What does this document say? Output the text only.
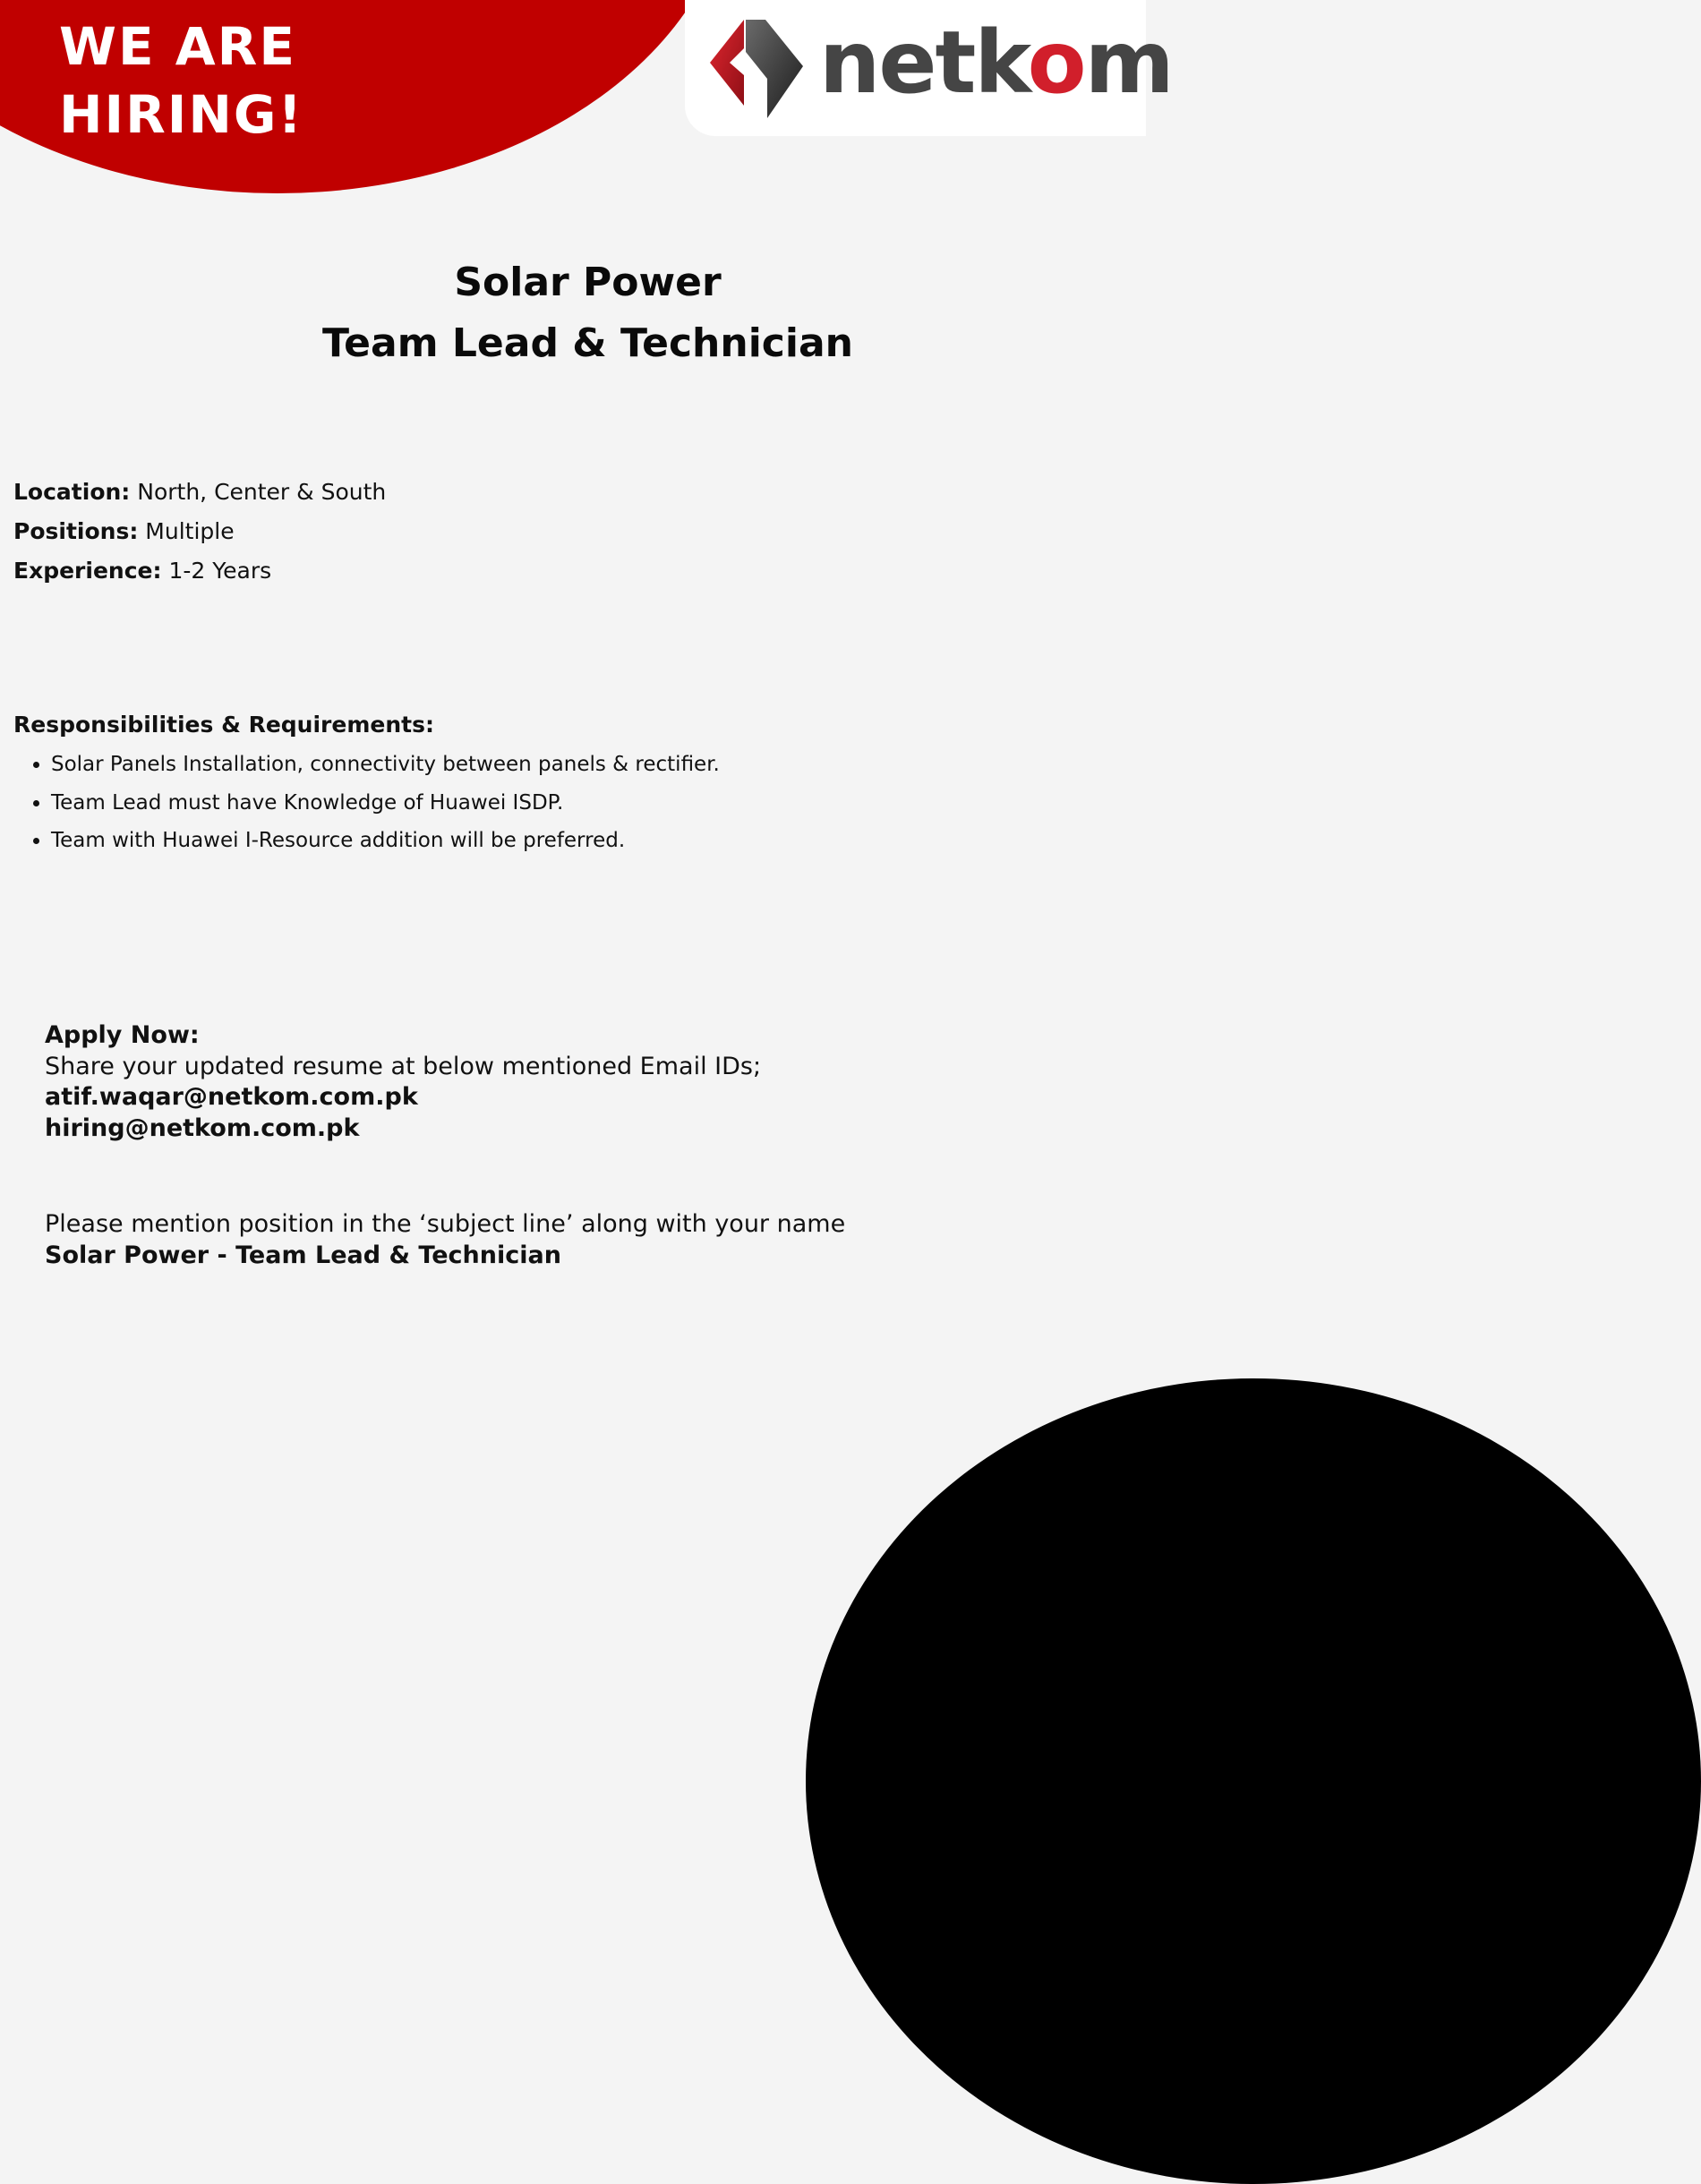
WE ARE
HIRING!
netkom
Solar Power
Team Lead & Technician
Location: North, Center & South
Positions: Multiple
Experience: 1-2 Years
Responsibilities & Requirements:
• Solar Panels Installation, connectivity between panels & rectifier.
• Team Lead must have Knowledge of Huawei ISDP.
• Team with Huawei I-Resource addition will be preferred.
Apply Now:
Share your updated resume at below mentioned Email IDs;
atif.waqar@netkom.com.pk
hiring@netkom.com.pk
Please mention position in the ‘subject line’ along with your name
Solar Power - Team Lead & Technician
